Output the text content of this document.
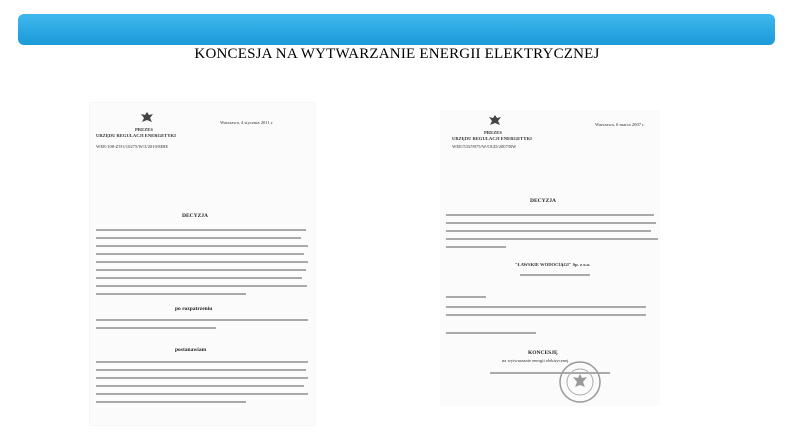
KONCESJA NA WYTWARZANIE ENERGII ELEKTRYCZNEJ
PREZES
URZĘDU REGULACJI ENERGETYKI
WEE/108-ZTO/10275/W/3/2010/MBE
Warszawa, 4 stycznia 2011 r.
DECYZJA
po rozpatrzeniu
postanawiam
PREZES
URZĘDU REGULACJI ENERGETYKI
WEE/535/9975/W/OGD/2007/RW
Warszawa, 6 marca 2007 r.
DECYZJA
"ŁAWSKIE WODOCIĄGI" Sp. z o.o.
KONCESJĘ
na wytwarzanie energii elektrycznej
